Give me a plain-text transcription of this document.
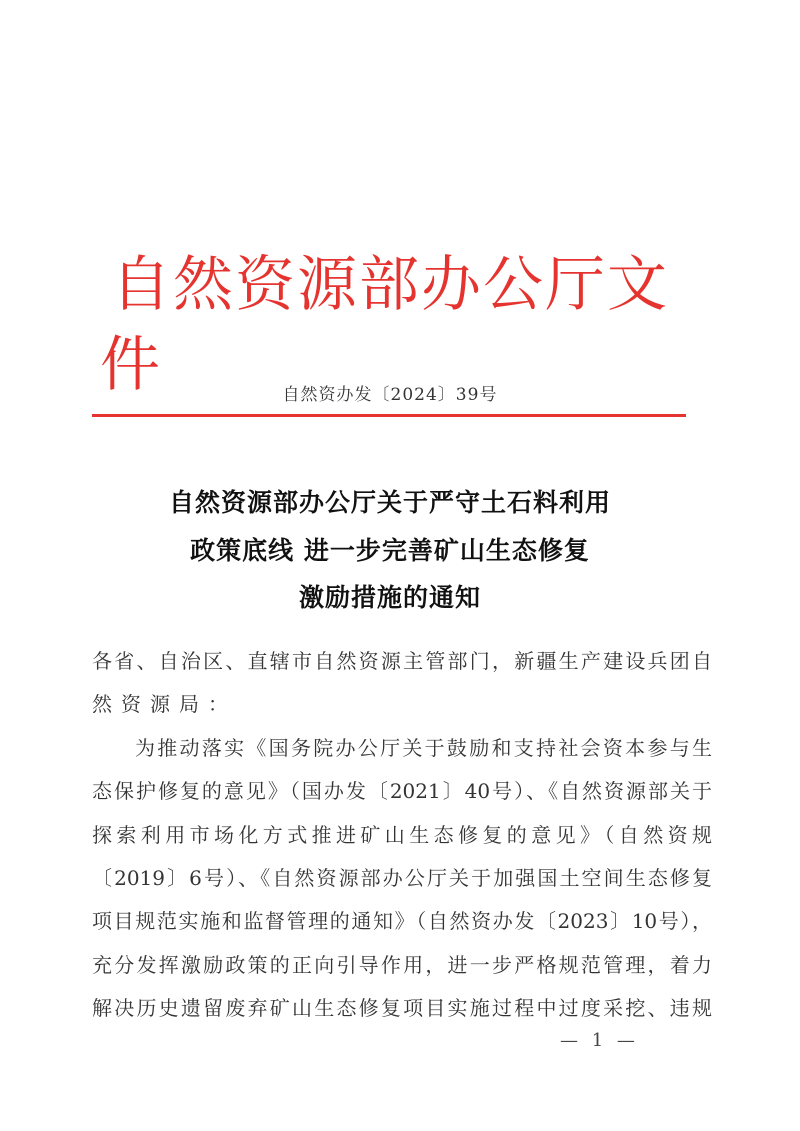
自然资源部办公厅文件	自然资办发〔2024〕39号
自然资源部办公厅关于严守土石料利用
政策底线 进一步完善矿山生态修复
激励措施的通知
各省、自治区、直辖市自然资源主管部门，新疆生产建设兵团自
然资源局：
为推动落实《国务院办公厅关于鼓励和支持社会资本参与生
态保护修复的意见》（国办发〔2021〕40号）、《自然资源部关于
探索利用市场化方式推进矿山生态修复的意见》（自然资规
〔2019〕6号）、《自然资源部办公厅关于加强国土空间生态修复
项目规范实施和监督管理的通知》（自然资办发〔2023〕10号），
充分发挥激励政策的正向引导作用，进一步严格规范管理，着力
解决历史遗留废弃矿山生态修复项目实施过程中过度采挖、违规
— 1 —
